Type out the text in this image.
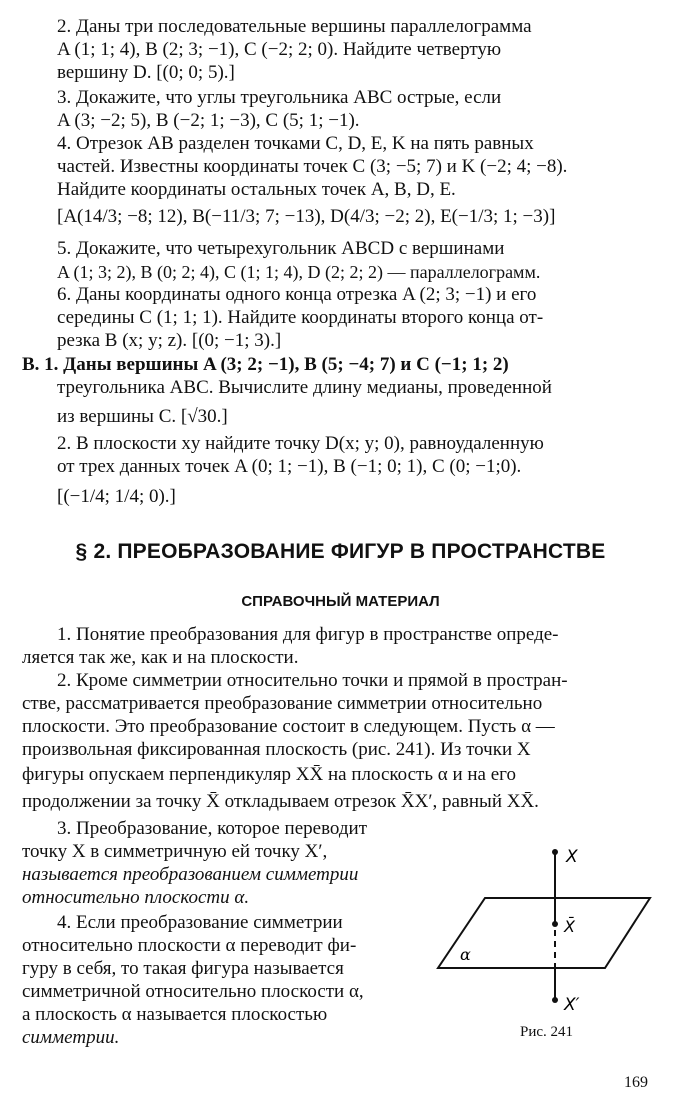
2. Даны три последовательные вершины параллелограмма
A (1; 1; 4), B (2; 3; −1), C (−2; 2; 0). Найдите четвертую
вершину D. [(0; 0; 5).]
3. Докажите, что углы треугольника ABC острые, если
A (3; −2; 5), B (−2; 1; −3), C (5; 1; −1).
4. Отрезок AB разделен точками C, D, E, K на пять равных
частей. Известны координаты точек C (3; −5; 7) и K (−2; 4; −8).
Найдите координаты остальных точек A, B, D, E.
[A(14/3; −8; 12), B(−11/3; 7; −13), D(4/3; −2; 2), E(−1/3; 1; −3)]
5. Докажите, что четырехугольник ABCD с вершинами
A (1; 3; 2), B (0; 2; 4), C (1; 1; 4), D (2; 2; 2) — параллелограмм.
6. Даны координаты одного конца отрезка A (2; 3; −1) и его
середины C (1; 1; 1). Найдите координаты второго конца от-
резка B (x; y; z). [(0; −1; 3).]
В. 1. Даны вершины A (3; 2; −1), B (5; −4; 7) и C (−1; 1; 2)
треугольника ABC. Вычислите длину медианы, проведенной
из вершины C. [√30.]
2. В плоскости xy найдите точку D(x; y; 0), равноудаленную
от трех данных точек A (0; 1; −1), B (−1; 0; 1), C (0; −1;0).
[(−1/4; 1/4; 0).]
§ 2. ПРЕОБРАЗОВАНИЕ ФИГУР В ПРОСТРАНСТВЕ
СПРАВОЧНЫЙ МАТЕРИАЛ
1. Понятие преобразования для фигур в пространстве опреде-
ляется так же, как и на плоскости.
2. Кроме симметрии относительно точки и прямой в простран-
стве, рассматривается преобразование симметрии относительно
плоскости. Это преобразование состоит в следующем. Пусть α —
произвольная фиксированная плоскость (рис. 241). Из точки X
фигуры опускаем перпендикуляр XX̄ на плоскость α и на его
продолжении за точку X̄ откладываем отрезок X̄X′, равный XX̄.
3. Преобразование, которое переводит
точку X в симметричную ей точку X′,
называется преобразованием симметрии
относительно плоскости α.
4. Если преобразование симметрии
относительно плоскости α переводит фи-
гуру в себя, то такая фигура называется
симметричной относительно плоскости α,
а плоскость α называется плоскостью
симметрии.
X
X̄
X′
α
Рис. 241
169
